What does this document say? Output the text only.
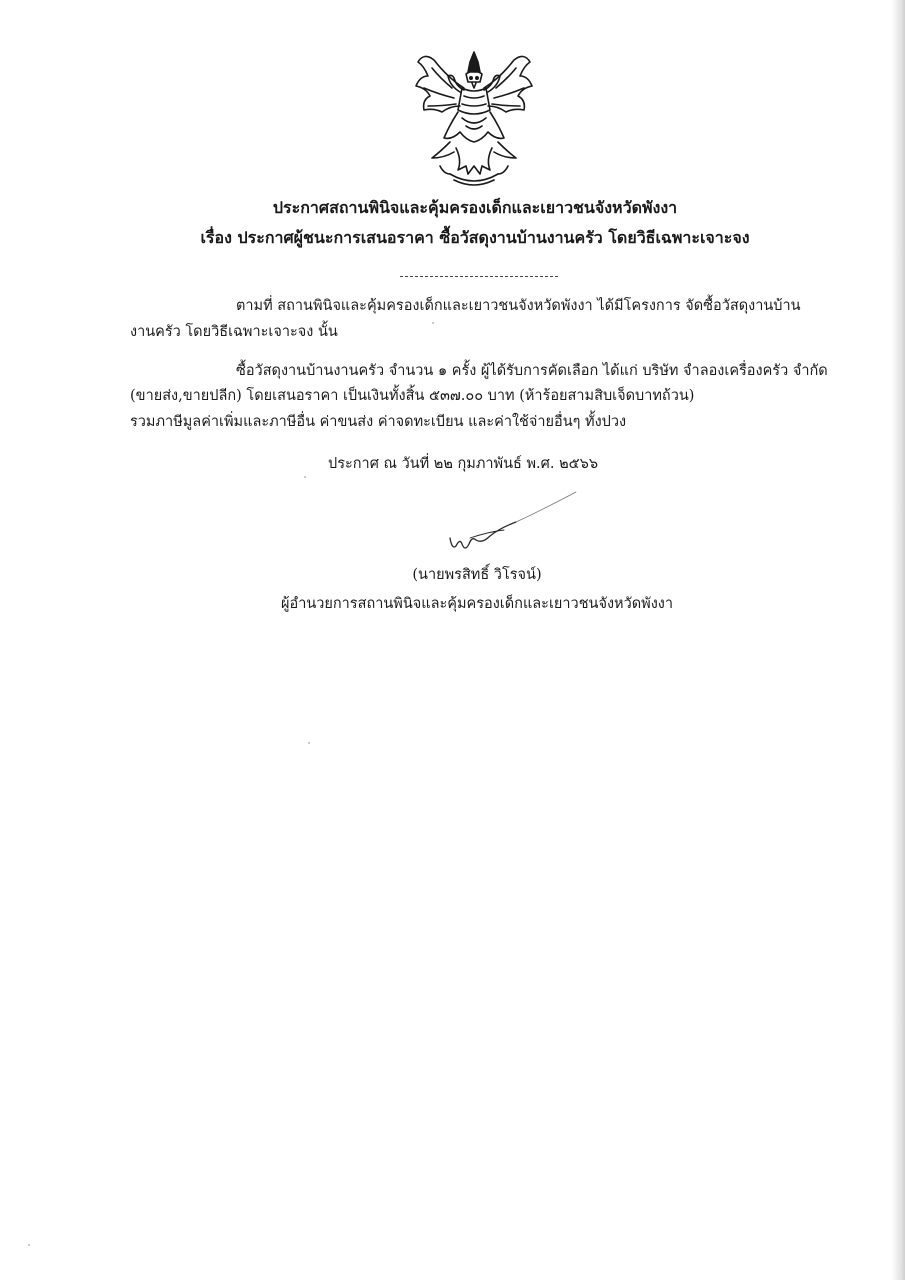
ประกาศสถานพินิจและคุ้มครองเด็กและเยาวชนจังหวัดพังงา
เรื่อง ประกาศผู้ชนะการเสนอราคา ซื้อวัสดุงานบ้านงานครัว โดยวิธีเฉพาะเจาะจง
ตามที่ สถานพินิจและคุ้มครองเด็กและเยาวชนจังหวัดพังงา ได้มีโครงการ จัดซื้อวัสดุงานบ้าน
งานครัว โดยวิธีเฉพาะเจาะจง นั้น
ซื้อวัสดุงานบ้านงานครัว จำนวน ๑ ครั้ง ผู้ได้รับการคัดเลือก ได้แก่ บริษัท จำลองเครื่องครัว จำกัด
(ขายส่ง,ขายปลีก) โดยเสนอราคา เป็นเงินทั้งสิ้น ๕๓๗.๐๐ บาท (ห้าร้อยสามสิบเจ็ดบาทถ้วน)
รวมภาษีมูลค่าเพิ่มและภาษีอื่น ค่าขนส่ง ค่าจดทะเบียน และค่าใช้จ่ายอื่นๆ ทั้งปวง
ประกาศ ณ วันที่ ๒๒ กุมภาพันธ์ พ.ศ. ๒๕๖๖
(นายพรสิทธิ์ วิโรจน์)
ผู้อำนวยการสถานพินิจและคุ้มครองเด็กและเยาวชนจังหวัดพังงา
